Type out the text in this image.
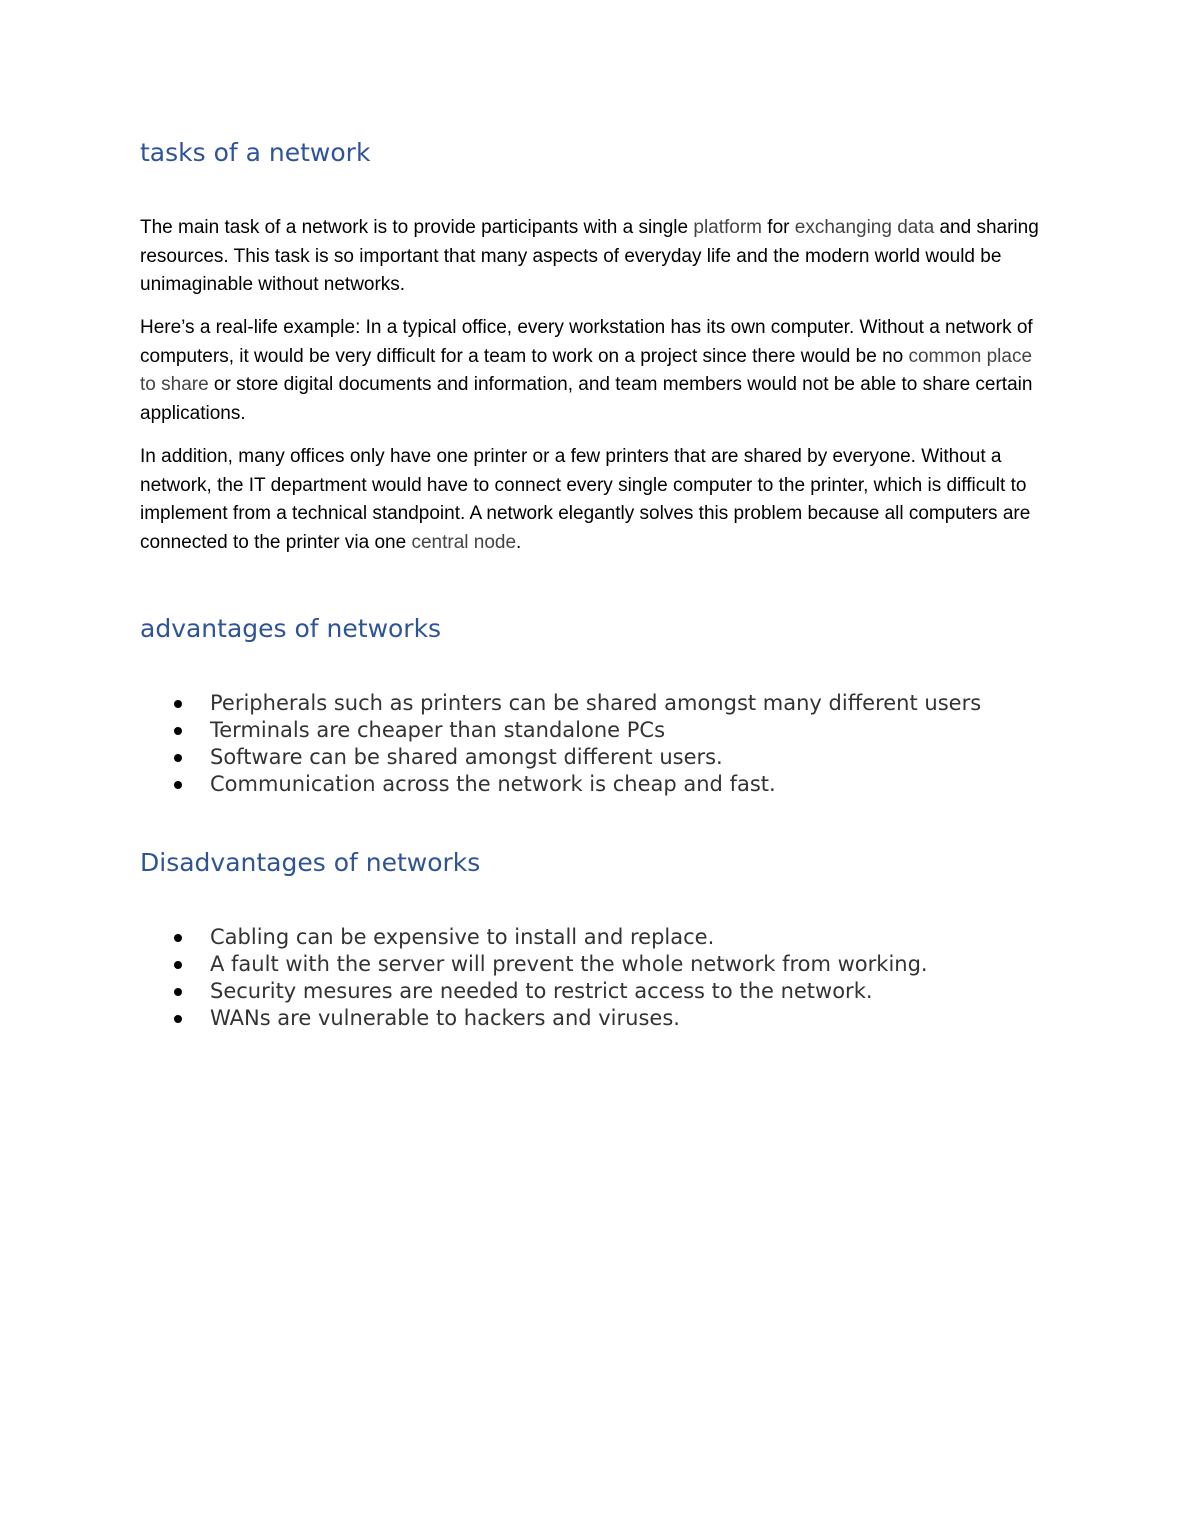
tasks of a network

The main task of a network is to provide participants with a single platform for exchanging data and sharing resources. This task is so important that many aspects of everyday life and the modern world would be unimaginable without networks.

Here’s a real-life example: In a typical office, every workstation has its own computer. Without a network of computers, it would be very difficult for a team to work on a project since there would be no common place to share or store digital documents and information, and team members would not be able to share certain applications.

In addition, many offices only have one printer or a few printers that are shared by everyone. Without a network, the IT department would have to connect every single computer to the printer, which is difficult to implement from a technical standpoint. A network elegantly solves this problem because all computers are connected to the printer via one central node.

advantages of networks
Peripherals such as printers can be shared amongst many different users
Terminals are cheaper than standalone PCs
Software can be shared amongst different users.
Communication across the network is cheap and fast.
Disadvantages of networks
Cabling can be expensive to install and replace.
A fault with the server will prevent the whole network from working.
Security mesures are needed to restrict access to the network.
WANs are vulnerable to hackers and viruses.
